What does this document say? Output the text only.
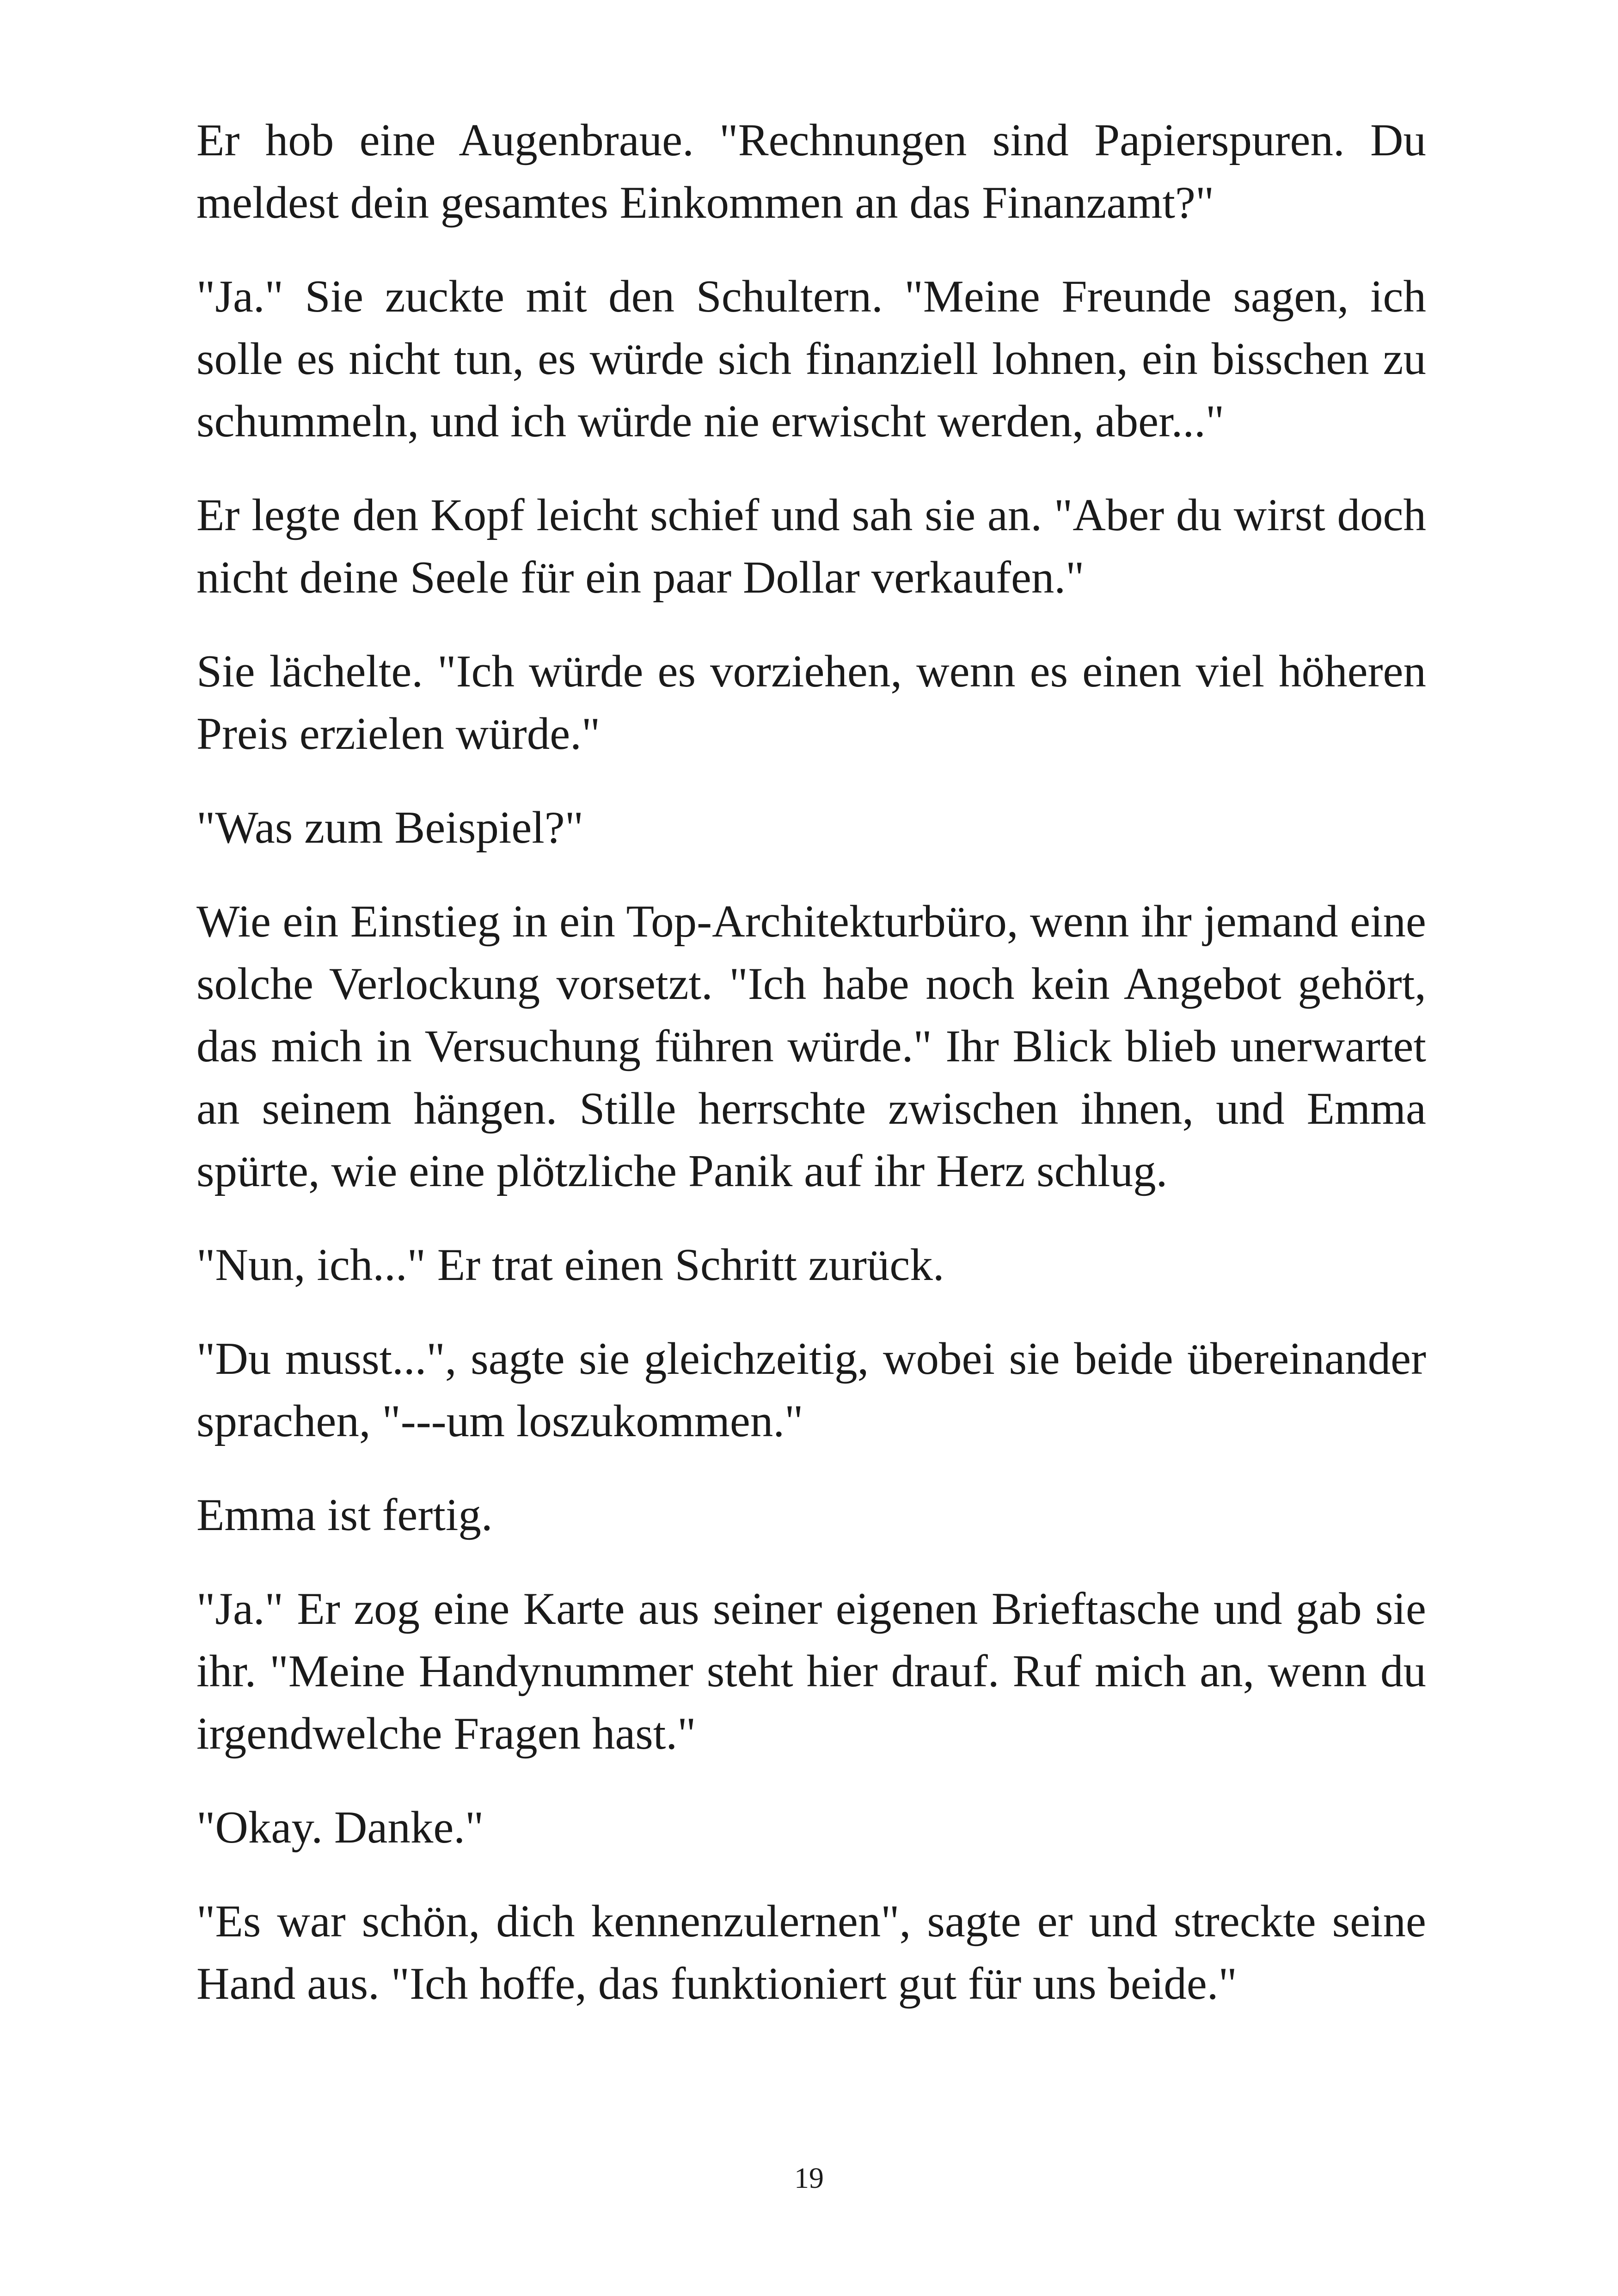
Er hob eine Augenbraue. "Rechnungen sind Papierspuren. Du meldest dein gesamtes Einkommen an das Finanzamt?"

"Ja." Sie zuckte mit den Schultern. "Meine Freunde sagen, ich solle es nicht tun, es würde sich finanziell lohnen, ein bisschen zu schummeln, und ich würde nie erwischt werden, aber..."

Er legte den Kopf leicht schief und sah sie an. "Aber du wirst doch nicht deine Seele für ein paar Dollar verkaufen."

Sie lächelte. "Ich würde es vorziehen, wenn es einen viel höheren Preis erzielen würde."

"Was zum Beispiel?"

Wie ein Einstieg in ein Top-Architekturbüro, wenn ihr jemand eine solche Verlockung vorsetzt. "Ich habe noch kein Angebot gehört, das mich in Versuchung führen würde." Ihr Blick blieb unerwartet an seinem hängen. Stille herrschte zwischen ihnen, und Emma spürte, wie eine plötzliche Panik auf ihr Herz schlug.

"Nun, ich..." Er trat einen Schritt zurück.

"Du musst...", sagte sie gleichzeitig, wobei sie beide übereinander sprachen, "---um loszukommen."

Emma ist fertig.

"Ja." Er zog eine Karte aus seiner eigenen Brieftasche und gab sie ihr. "Meine Handynummer steht hier drauf. Ruf mich an, wenn du irgendwelche Fragen hast."

"Okay. Danke."

"Es war schön, dich kennenzulernen", sagte er und streckte seine Hand aus. "Ich hoffe, das funktioniert gut für uns beide."

19
